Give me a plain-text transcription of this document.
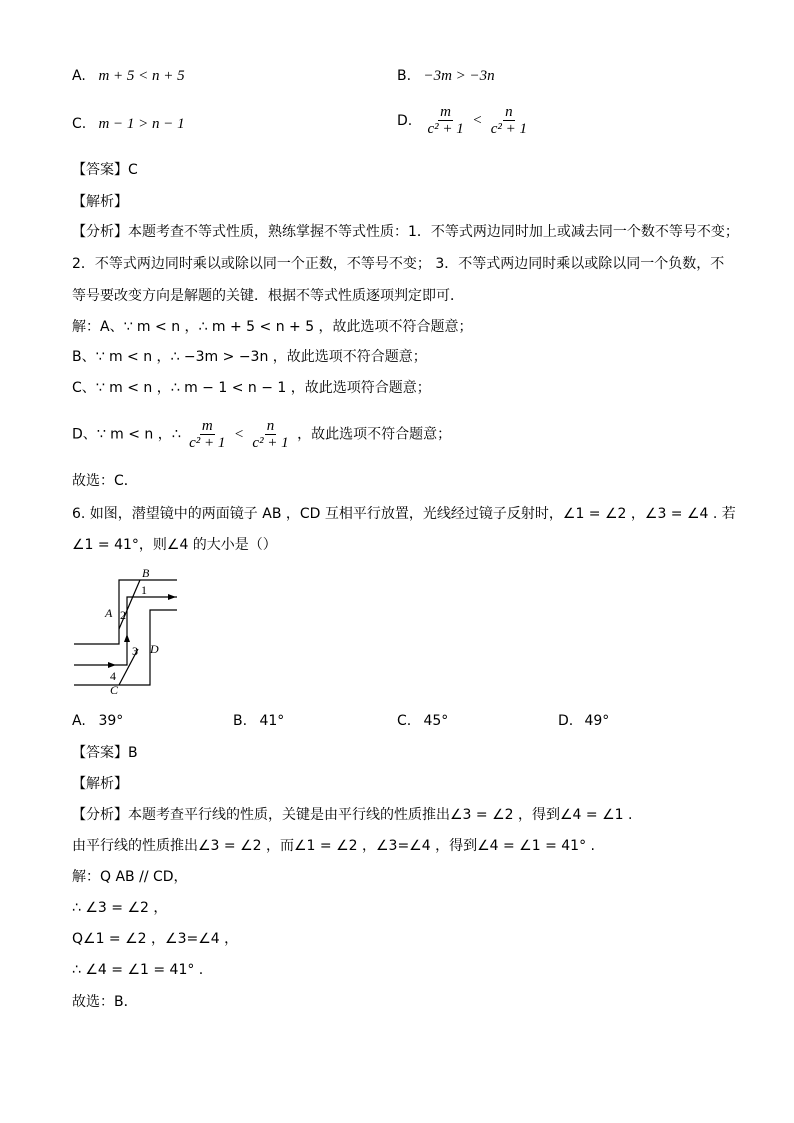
A. m + 5 < n + 5	B. −3m > −3n
C. m − 1 > n − 1	D. $\frac{m}{\text{c² + 1}} < \frac{n}{\text{c² + 1}}$
【答案】C
【解析】
【分析】本题考查不等式性质，熟练掌握不等式性质：1．不等式两边同时加上或减去同一个数不等号不变；
2．不等式两边同时乘以或除以同一个正数，不等号不变； 3．不等式两边同时乘以或除以同一个负数，不
等号要改变方向是解题的关键．根据不等式性质逐项判定即可．
解：A、∵ m < n ，∴ m + 5 < n + 5 ，故此选项不符合题意；
B、∵ m < n ，∴ −3m > −3n ，故此选项不符合题意；
C、∵ m < n ，∴ m − 1 < n − 1 ，故此选项符合题意；
D、∵ m < n ，∴ $\frac{m}{\text{c² + 1}} < \frac{n}{\text{c² + 1}}$ ，故此选项不符合题意；
故选：C．
6. 如图，潜望镜中的两面镜子 AB ，CD 互相平行放置，光线经过镜子反射时，∠1 = ∠2 ，∠3 = ∠4 . 若
∠1 = 41°，则∠4 的大小是（）
B
A
C
D
1
2
3
4
A. 39°	B. 41°	C. 45°	D. 49°
【答案】B
【解析】
【分析】本题考查平行线的性质，关键是由平行线的性质推出∠3 = ∠2 ，得到∠4 = ∠1 .
由平行线的性质推出∠3 = ∠2 ，而∠1 = ∠2 ，∠3=∠4 ，得到∠4 = ∠1 = 41° .
解：Q AB // CD，
∴ ∠3 = ∠2 ，
Q∠1 = ∠2 ，∠3=∠4 ，
∴ ∠4 = ∠1 = 41° .
故选：B．
